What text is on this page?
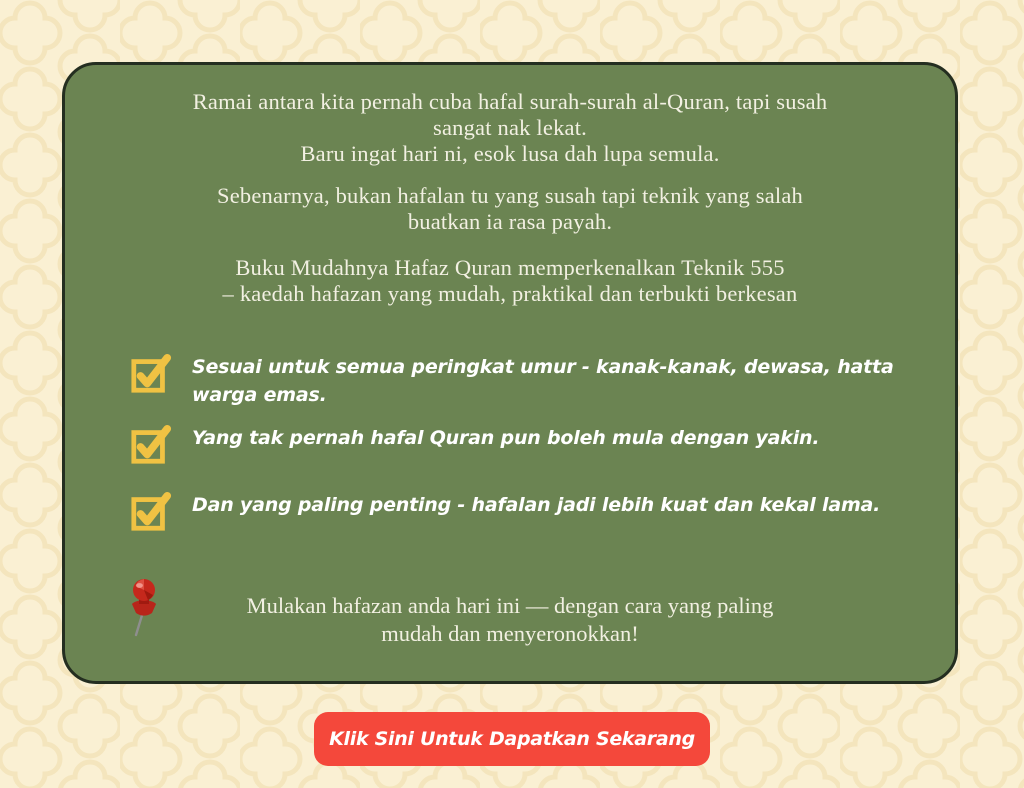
Ramai antara kita pernah cuba hafal surah-surah al-Quran, tapi susah
sangat nak lekat.
Baru ingat hari ni, esok lusa dah lupa semula.
Sebenarnya, bukan hafalan tu yang susah tapi teknik yang salah
buatkan ia rasa payah.
Buku Mudahnya Hafaz Quran memperkenalkan Teknik 555
– kaedah hafazan yang mudah, praktikal dan terbukti berkesan
Sesuai untuk semua peringkat umur - kanak-kanak, dewasa, hatta
warga emas.
Yang tak pernah hafal Quran pun boleh mula dengan yakin.
Dan yang paling penting - hafalan jadi lebih kuat dan kekal lama.
Mulakan hafazan anda hari ini — dengan cara yang paling
mudah dan menyeronokkan!
Klik Sini Untuk Dapatkan Sekarang
